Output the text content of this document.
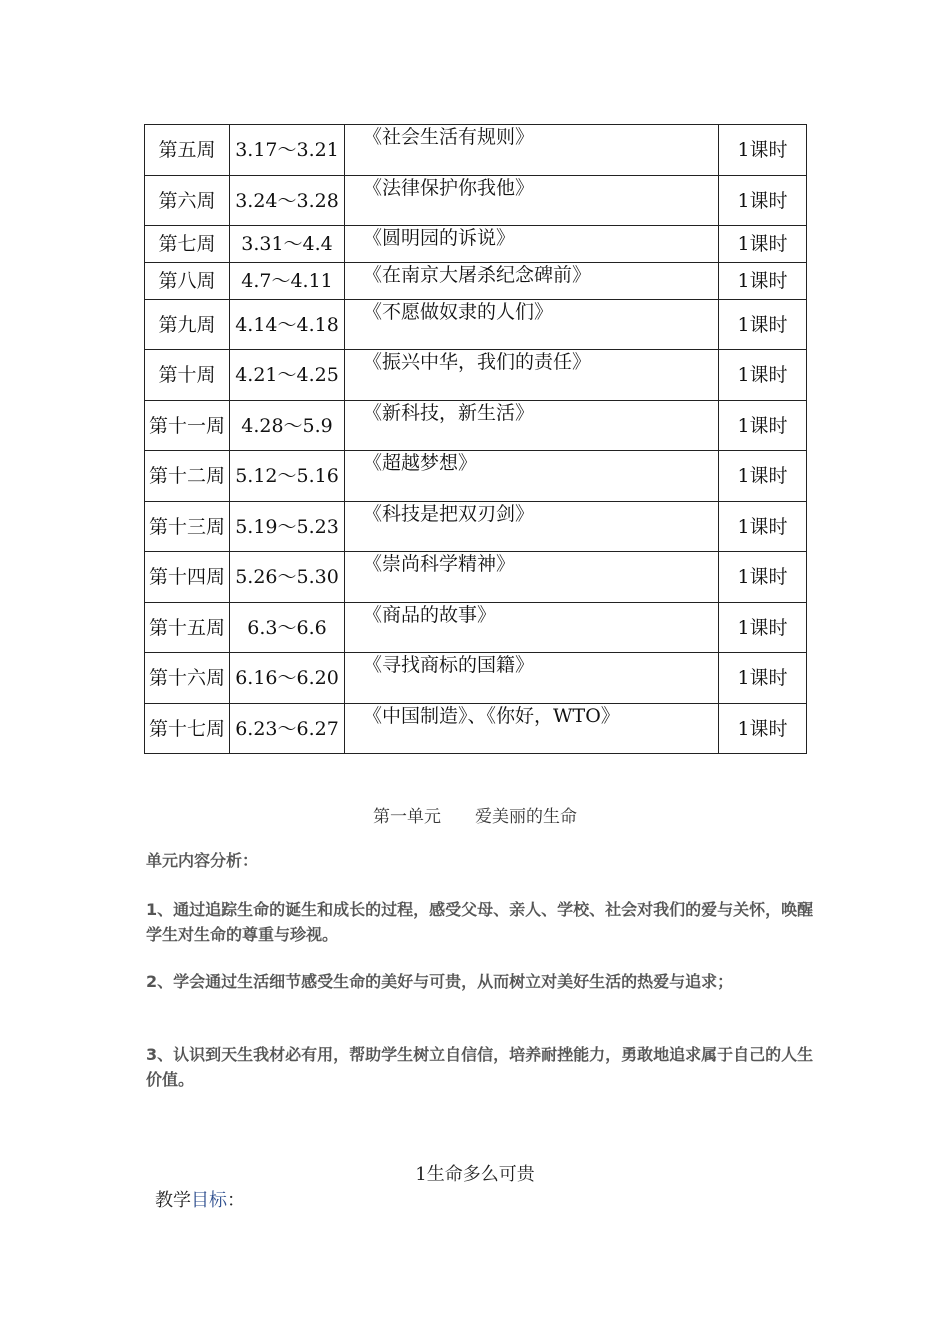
第五周	3.17～3.21	《社会生活有规则》	1课时
第六周	3.24～3.28	《法律保护你我他》	1课时
第七周	3.31～4.4	《圆明园的诉说》	1课时
第八周	4.7～4.11	《在南京大屠杀纪念碑前》	1课时
第九周	4.14～4.18	《不愿做奴隶的人们》	1课时
第十周	4.21～4.25	《振兴中华，我们的责任》	1课时
第十一周	4.28～5.9	《新科技，新生活》	1课时
第十二周	5.12～5.16	《超越梦想》	1课时
第十三周	5.19～5.23	《科技是把双刃剑》	1课时
第十四周	5.26～5.30	《崇尚科学精神》	1课时
第十五周	6.3～6.6	《商品的故事》	1课时
第十六周	6.16～6.20	《寻找商标的国籍》	1课时
第十七周	6.23～6.27	《中国制造》、《你好，WTO》	1课时
第一单元　　爱美丽的生命

单元内容分析：

1、通过追踪生命的诞生和成长的过程，感受父母、亲人、学校、社会对我们的爱与关怀，唤醒学生对生命的尊重与珍视。

2、学会通过生活细节感受生命的美好与可贵，从而树立对美好生活的热爱与追求；

3、认识到天生我材必有用，帮助学生树立自信信，培养耐挫能力，勇敢地追求属于自己的人生价值。

1生命多么可贵
教学目标：
